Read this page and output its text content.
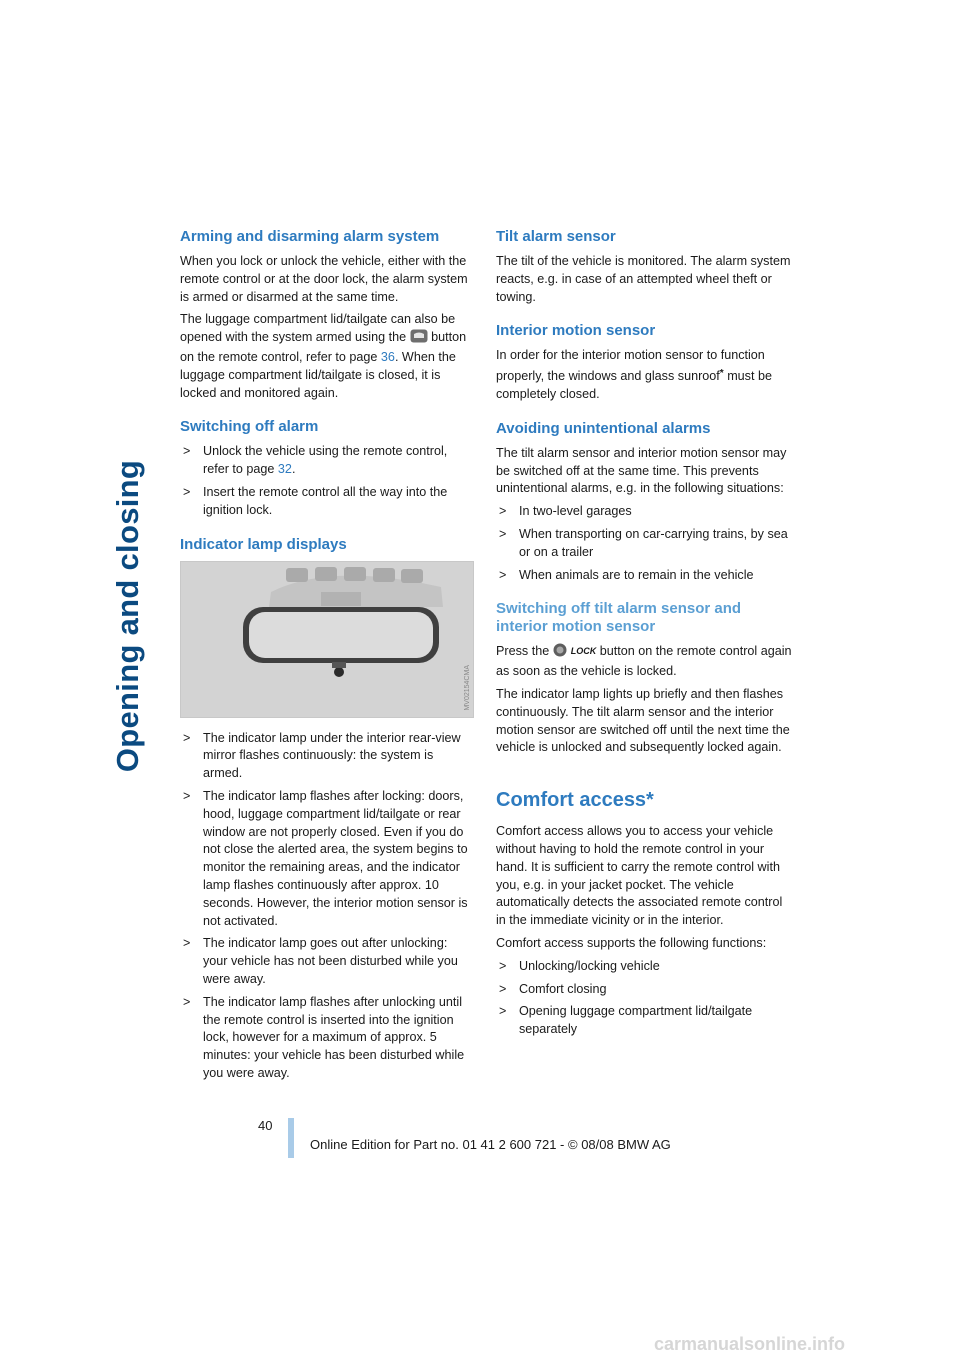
Opening and closing
Arming and disarming alarm system

When you lock or unlock the vehicle, either with the remote control or at the door lock, the alarm system is armed or disarmed at the same time.

The luggage compartment lid/tailgate can also be opened with the system armed using the button on the remote control, refer to page 36. When the luggage compartment lid/tailgate is closed, it is locked and monitored again.

Switching off alarm
> Unlock the vehicle using the remote control, refer to page 32.
> Insert the remote control all the way into the ignition lock.
Indicator lamp displays
MV02154CMA
> The indicator lamp under the interior rear-view mirror flashes continuously: the system is armed.
> The indicator lamp flashes after locking: doors, hood, luggage compartment lid/tailgate or rear window are not properly closed. Even if you do not close the alerted area, the system begins to monitor the remaining areas, and the indicator lamp flashes continuously after approx. 10 seconds. However, the interior motion sensor is not activated.
> The indicator lamp goes out after unlocking: your vehicle has not been disturbed while you were away.
> The indicator lamp flashes after unlocking until the remote control is inserted into the ignition lock, however for a maximum of approx. 5 minutes: your vehicle has been disturbed while you were away.
Tilt alarm sensor

The tilt of the vehicle is monitored. The alarm system reacts, e.g. in case of an attempted wheel theft or towing.

Interior motion sensor

In order for the interior motion sensor to function properly, the windows and glass sunroof* must be completely closed.

Avoiding unintentional alarms

The tilt alarm sensor and interior motion sensor may be switched off at the same time. This prevents unintentional alarms, e.g. in the following situations:

> In two-level garages
> When transporting on car-carrying trains, by sea or on a trailer
> When animals are to remain in the vehicle
Switching off tilt alarm sensor and interior motion sensor

Press the LOCK button on the remote control again as soon as the vehicle is locked.

The indicator lamp lights up briefly and then flashes continuously. The tilt alarm sensor and the interior motion sensor are switched off until the next time the vehicle is unlocked and subsequently locked again.

Comfort access*

Comfort access allows you to access your vehicle without having to hold the remote control in your hand. It is sufficient to carry the remote control with you, e.g. in your jacket pocket. The vehicle automatically detects the associated remote control in the immediate vicinity or in the interior.

Comfort access supports the following functions:

> Unlocking/locking vehicle
> Comfort closing
> Opening luggage compartment lid/tailgate separately
40
Online Edition for Part no. 01 41 2 600 721 - © 08/08 BMW AG
carmanualsonline.info
